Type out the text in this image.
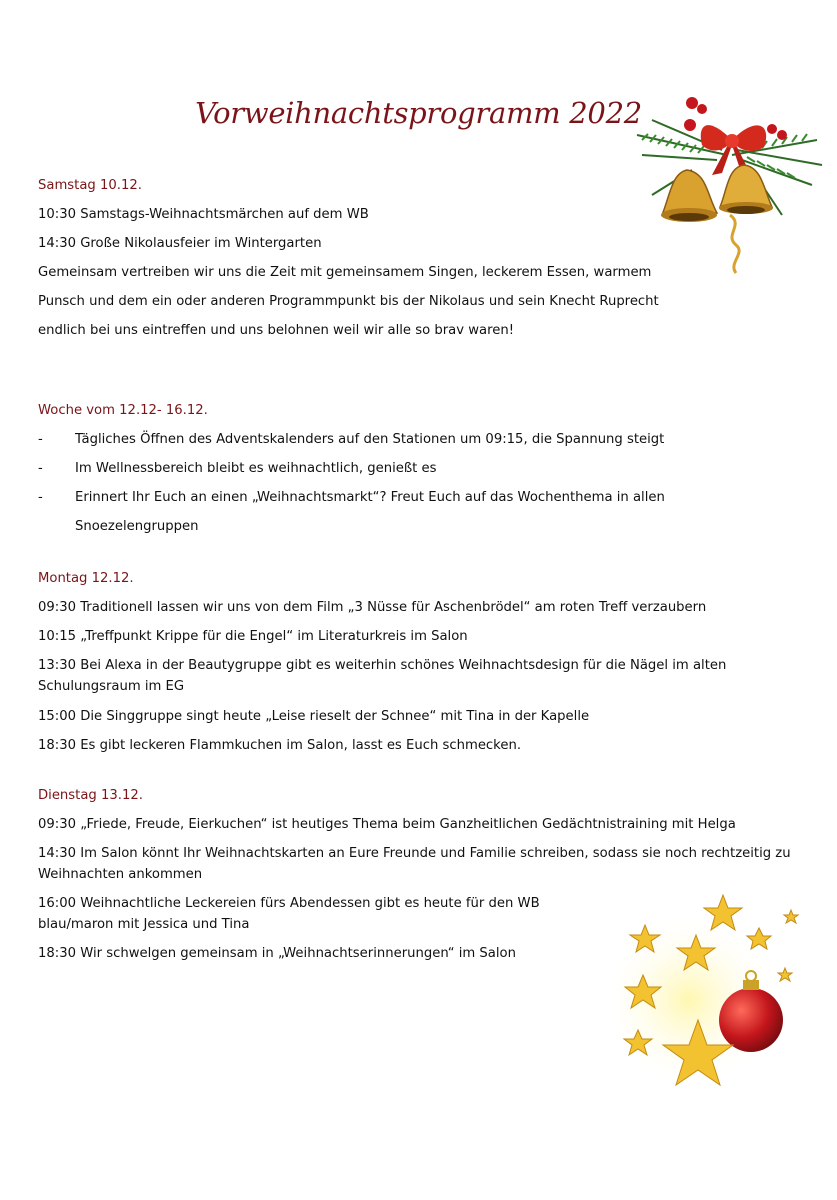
Vorweihnachtsprogramm 2022
Samstag 10.12.
10:30 Samstags-Weihnachtsmärchen auf dem WB
14:30 Große Nikolausfeier im Wintergarten
Gemeinsam vertreiben wir uns die Zeit mit gemeinsamem Singen, leckerem Essen, warmem
Punsch und dem ein oder anderen Programmpunkt bis der Nikolaus und sein Knecht Ruprecht
endlich bei uns eintreffen und uns belohnen weil wir alle so brav waren!
Woche vom 12.12- 16.12.
- Tägliches Öffnen des Adventskalenders auf den Stationen um 09:15, die Spannung steigt
- Im Wellnessbereich bleibt es weihnachtlich, genießt es
- Erinnert Ihr Euch an einen „Weihnachtsmarkt“? Freut Euch auf das Wochenthema in allen
Snoezelengruppen
Montag 12.12.
09:30 Traditionell lassen wir uns von dem Film „3 Nüsse für Aschenbrödel“ am roten Treff verzaubern
10:15 „Treffpunkt Krippe für die Engel“ im Literaturkreis im Salon
13:30 Bei Alexa in der Beautygruppe gibt es weiterhin schönes Weihnachtsdesign für die Nägel im alten
Schulungsraum im EG
15:00 Die Singgruppe singt heute „Leise rieselt der Schnee“ mit Tina in der Kapelle
18:30 Es gibt leckeren Flammkuchen im Salon, lasst es Euch schmecken.
Dienstag 13.12.
09:30 „Friede, Freude, Eierkuchen“ ist heutiges Thema beim Ganzheitlichen Gedächtnistraining mit Helga
14:30 Im Salon könnt Ihr Weihnachtskarten an Eure Freunde und Familie schreiben, sodass sie noch rechtzeitig zu
Weihnachten ankommen
16:00 Weihnachtliche Leckereien fürs Abendessen gibt es heute für den WB
blau/maron mit Jessica und Tina
18:30 Wir schwelgen gemeinsam in „Weihnachtserinnerungen“ im Salon
